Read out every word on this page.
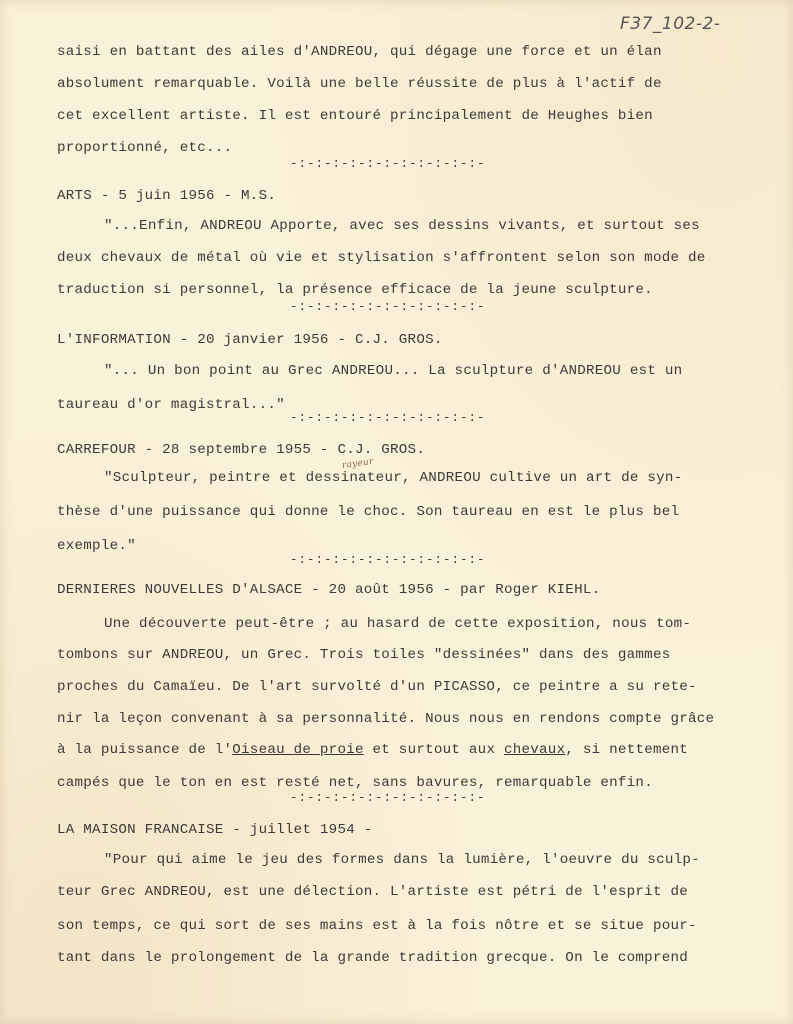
F37_102-2-
saisi en battant des ailes d'ANDREOU, qui dégage une force et un élan
absolument remarquable. Voilà une belle réussite de plus à l'actif de
cet excellent artiste. Il est entouré principalement de Heughes bien
proportionné, etc...
-:-:-:-:-:-:-:-:-:-:-:-
ARTS - 5 juin 1956 - M.S.
"...Enfin, ANDREOU Apporte, avec ses dessins vivants, et surtout ses
deux chevaux de métal où vie et stylisation s'affrontent selon son mode de
traduction si personnel, la présence efficace de la jeune sculpture.
-:-:-:-:-:-:-:-:-:-:-:-
L'INFORMATION - 20 janvier 1956 - C.J. GROS.
"... Un bon point au Grec ANDREOU... La sculpture d'ANDREOU est un
taureau d'or magistral..."
-:-:-:-:-:-:-:-:-:-:-:-
CARREFOUR - 28 septembre 1955 - C.J. GROS.
rayeur
"Sculpteur, peintre et dessinateur, ANDREOU cultive un art de syn-
thèse d'une puissance qui donne le choc. Son taureau en est le plus bel
exemple."
-:-:-:-:-:-:-:-:-:-:-:-
DERNIERES NOUVELLES D'ALSACE - 20 août 1956 - par Roger KIEHL.
Une découverte peut-être ; au hasard de cette exposition, nous tom-
tombons sur ANDREOU, un Grec. Trois toiles "dessinées" dans des gammes
proches du Camaïeu. De l'art survolté d'un PICASSO, ce peintre a su rete-
nir la leçon convenant à sa personnalité. Nous nous en rendons compte grâce
à la puissance de l'Oiseau de proie et surtout aux chevaux, si nettement
campés que le ton en est resté net, sans bavures, remarquable enfin.
-:-:-:-:-:-:-:-:-:-:-:-
LA MAISON FRANCAISE - juillet 1954 -
"Pour qui aime le jeu des formes dans la lumière, l'oeuvre du sculp-
teur Grec ANDREOU, est une délection. L'artiste est pétri de l'esprit de
son temps, ce qui sort de ses mains est à la fois nôtre et se situe pour-
tant dans le prolongement de la grande tradition grecque. On le comprend
